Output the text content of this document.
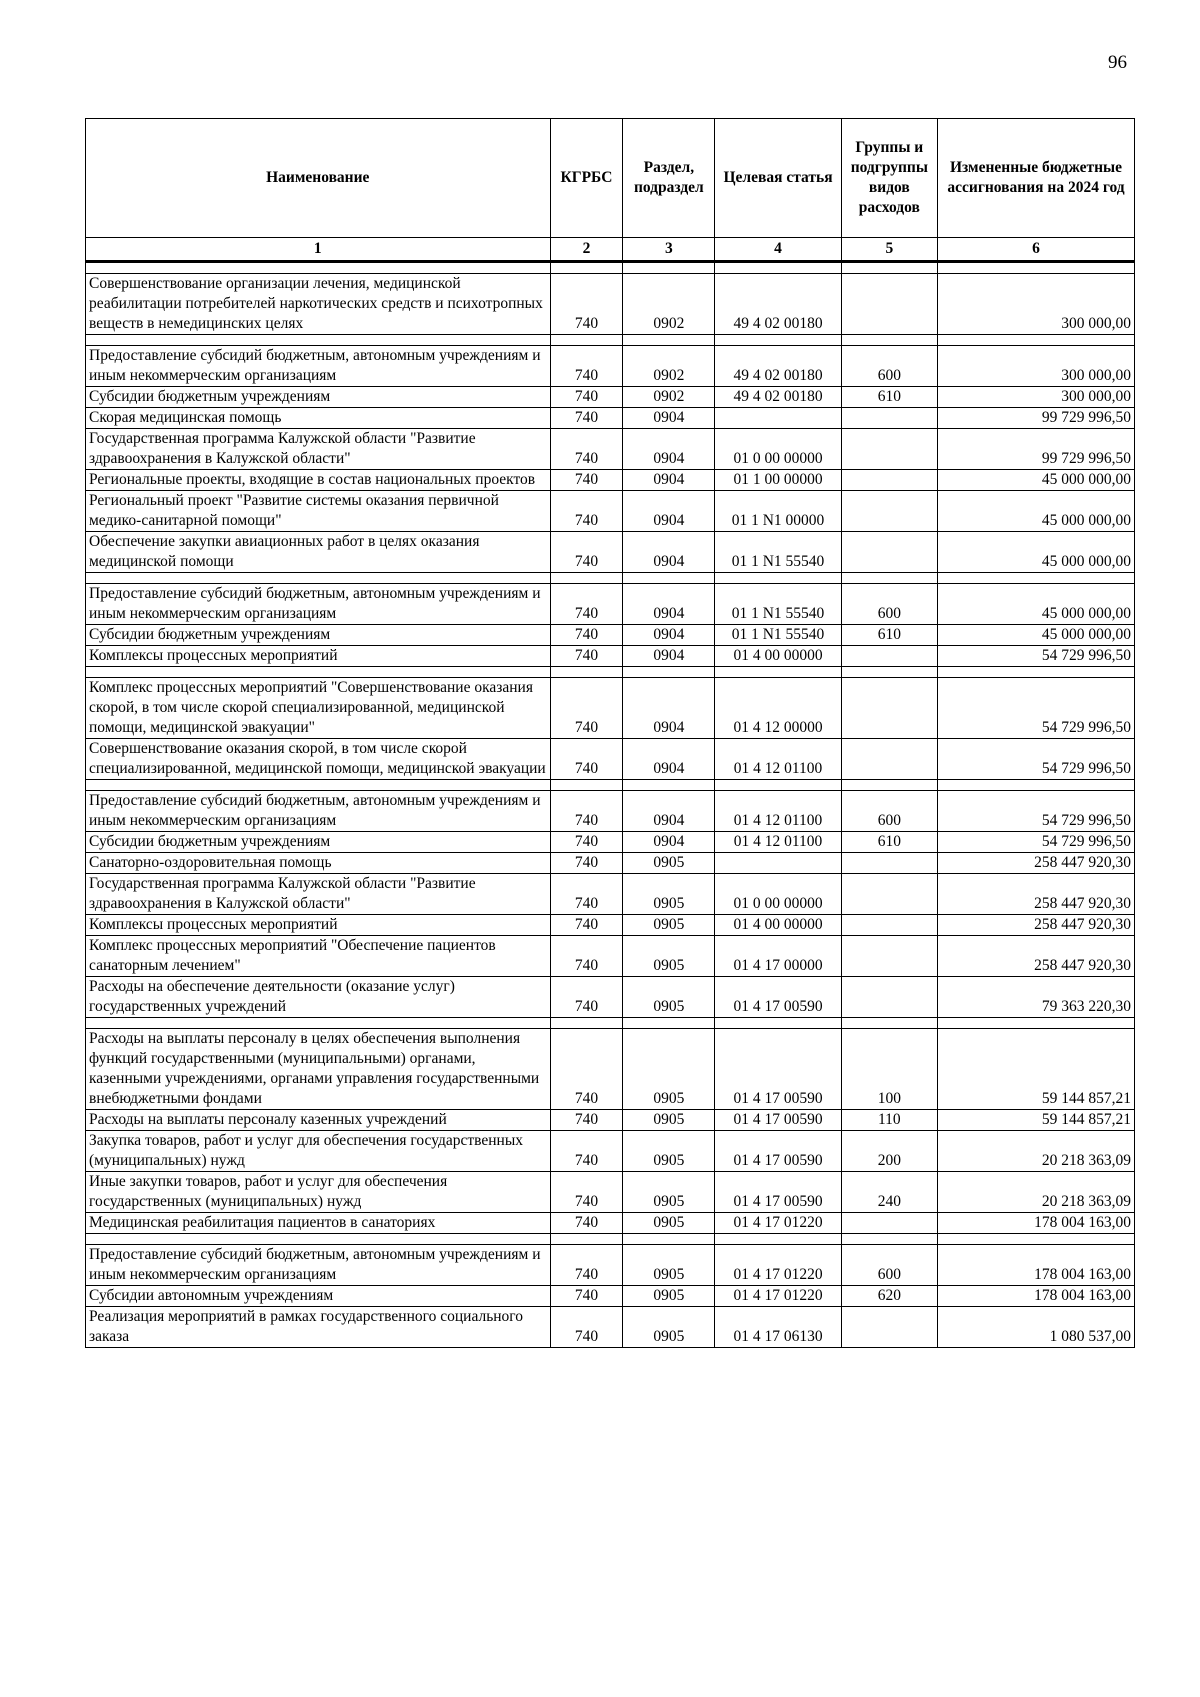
96
Наименование	КГРБС	Раздел, подраздел	Целевая статья	Группы и подгруппы видов расходов	Измененные бюджетные ассигнования на 2024 год
1	2	3	4	5	6

Совершенствование организации лечения, медицинской реабилитации потребителей наркотических средств и психотропных веществ в немедицинских целях	740	0902	49 4 02 00180		300 000,00

Предоставление субсидий бюджетным, автономным учреждениям и иным некоммерческим организациям	740	0902	49 4 02 00180	600	300 000,00
Субсидии бюджетным учреждениям	740	0902	49 4 02 00180	610	300 000,00
Скорая медицинская помощь	740	0904			99 729 996,50
Государственная программа Калужской области "Развитие здравоохранения в Калужской области"	740	0904	01 0 00 00000		99 729 996,50
Региональные проекты, входящие в состав национальных проектов	740	0904	01 1 00 00000		45 000 000,00
Региональный проект "Развитие системы оказания первичной медико-санитарной помощи"	740	0904	01 1 N1 00000		45 000 000,00
Обеспечение закупки авиационных работ в целях оказания медицинской помощи	740	0904	01 1 N1 55540		45 000 000,00

Предоставление субсидий бюджетным, автономным учреждениям и иным некоммерческим организациям	740	0904	01 1 N1 55540	600	45 000 000,00
Субсидии бюджетным учреждениям	740	0904	01 1 N1 55540	610	45 000 000,00
Комплексы процессных мероприятий	740	0904	01 4 00 00000		54 729 996,50

Комплекс процессных мероприятий "Совершенствование оказания скорой, в том числе скорой специализированной, медицинской помощи, медицинской эвакуации"	740	0904	01 4 12 00000		54 729 996,50
Совершенствование оказания скорой, в том числе скорой специализированной, медицинской помощи, медицинской эвакуации	740	0904	01 4 12 01100		54 729 996,50

Предоставление субсидий бюджетным, автономным учреждениям и иным некоммерческим организациям	740	0904	01 4 12 01100	600	54 729 996,50
Субсидии бюджетным учреждениям	740	0904	01 4 12 01100	610	54 729 996,50
Санаторно-оздоровительная помощь	740	0905			258 447 920,30
Государственная программа Калужской области "Развитие здравоохранения в Калужской области"	740	0905	01 0 00 00000		258 447 920,30
Комплексы процессных мероприятий	740	0905	01 4 00 00000		258 447 920,30
Комплекс процессных мероприятий "Обеспечение пациентов санаторным лечением"	740	0905	01 4 17 00000		258 447 920,30
Расходы на обеспечение деятельности (оказание услуг) государственных учреждений	740	0905	01 4 17 00590		79 363 220,30

Расходы на выплаты персоналу в целях обеспечения выполнения функций государственными (муниципальными) органами, казенными учреждениями, органами управления государственными внебюджетными фондами	740	0905	01 4 17 00590	100	59 144 857,21
Расходы на выплаты персоналу казенных учреждений	740	0905	01 4 17 00590	110	59 144 857,21
Закупка товаров, работ и услуг для обеспечения государственных (муниципальных) нужд	740	0905	01 4 17 00590	200	20 218 363,09
Иные закупки товаров, работ и услуг для обеспечения государственных (муниципальных) нужд	740	0905	01 4 17 00590	240	20 218 363,09
Медицинская реабилитация пациентов в санаториях	740	0905	01 4 17 01220		178 004 163,00

Предоставление субсидий бюджетным, автономным учреждениям и иным некоммерческим организациям	740	0905	01 4 17 01220	600	178 004 163,00
Субсидии автономным учреждениям	740	0905	01 4 17 01220	620	178 004 163,00
Реализация мероприятий в рамках государственного социального заказа	740	0905	01 4 17 06130		1 080 537,00
